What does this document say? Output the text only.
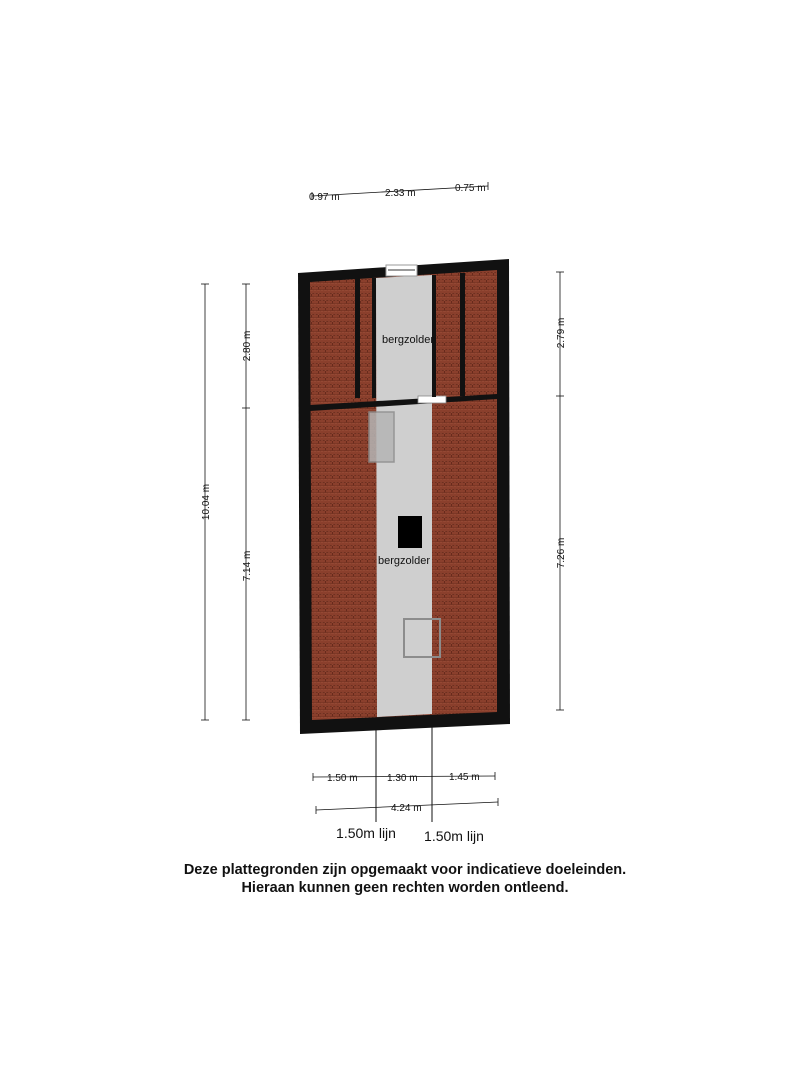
bergzolder
bergzolder
0.97 m	2.33 m	0.75 m
10.04 m
2.80 m
7.14 m
2.79 m
7.26 m
1.50 m	1.30 m	1.45 m
4.24 m
1.50m lijn 1.50m lijn
Deze plattegronden zijn opgemaakt voor indicatieve doeleinden.
Hieraan kunnen geen rechten worden ontleend.
